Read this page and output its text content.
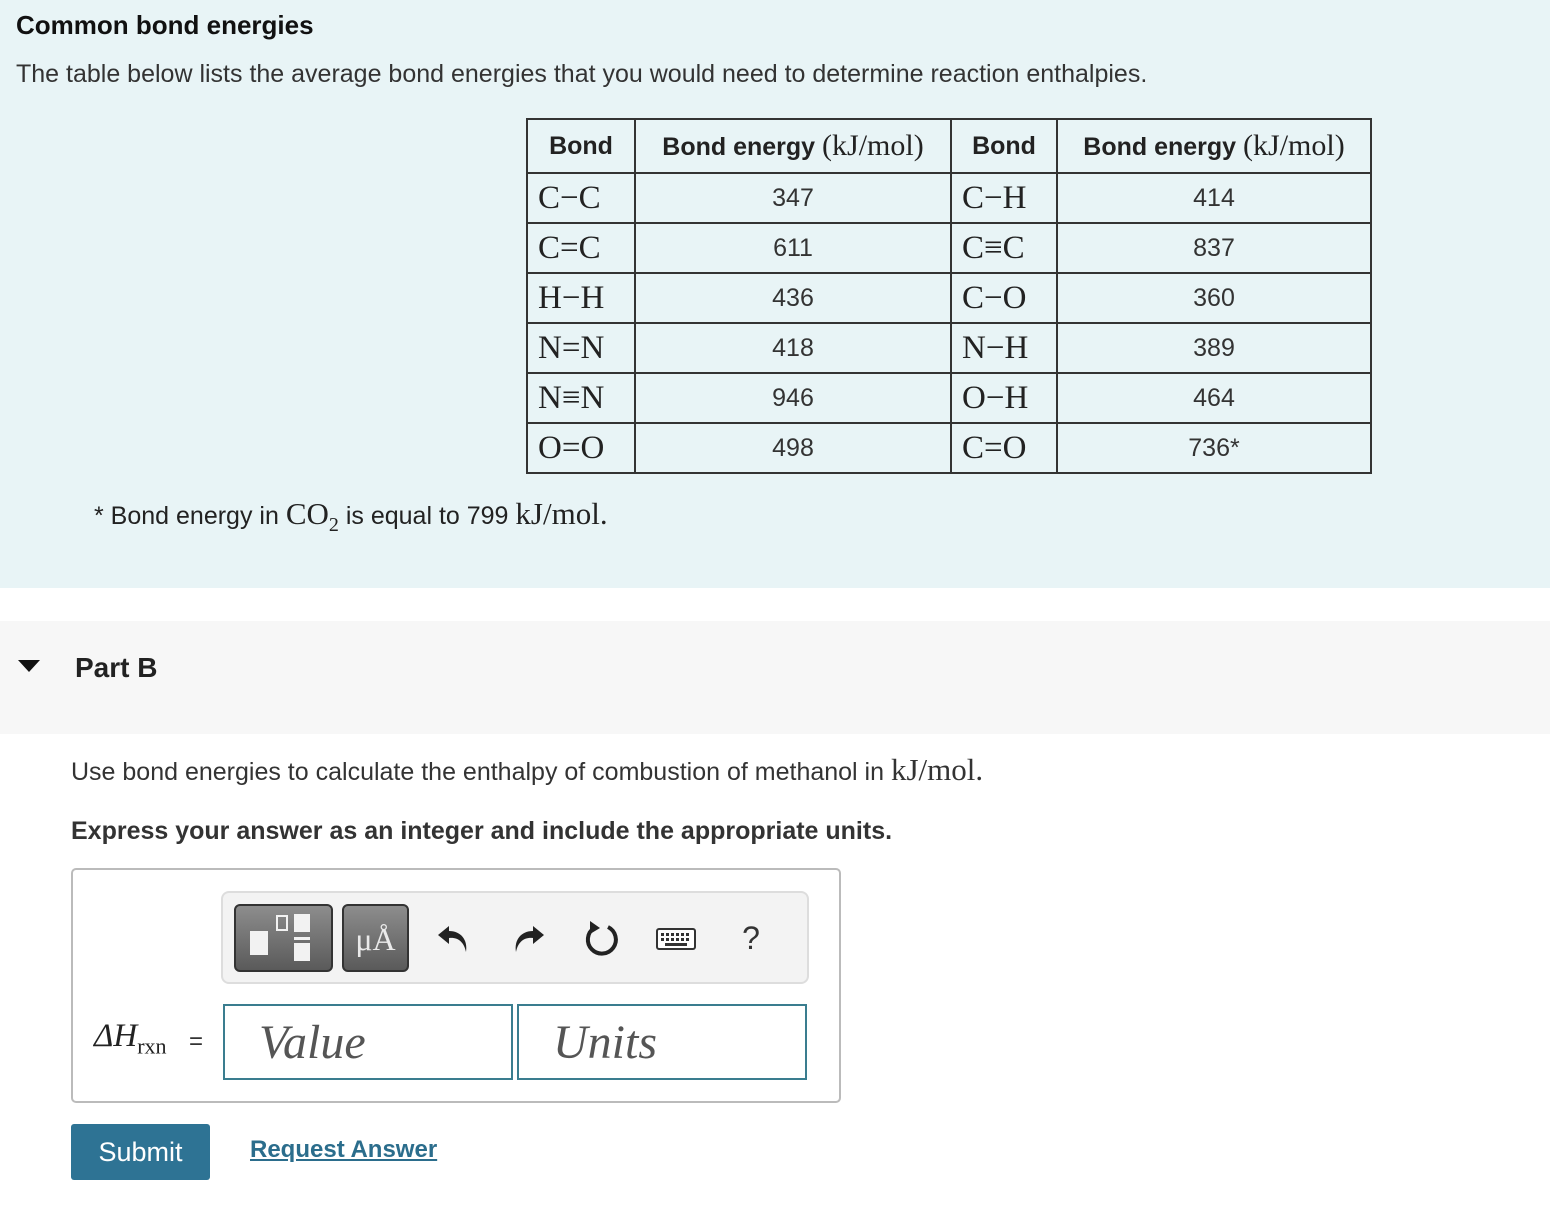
Common bond energies
The table below lists the average bond energies that you would need to determine reaction enthalpies.
Bond	Bond energy (kJ/mol)	Bond	Bond energy (kJ/mol)
C−C	347	C−H	414
C=C	611	C≡C	837
H−H	436	C−O	360
N=N	418	N−H	389
N≡N	946	O−H	464
O=O	498	C=O	736*
* Bond energy in $CO_2$ is equal to 799 kJ/mol.
Part B
Use bond energies to calculate the enthalpy of combustion of methanol in kJ/mol.
Express your answer as an integer and include the appropriate units.
μÅ	?
$\Delta H_{rxn}$ =
Value
Units
Submit	Request Answer
